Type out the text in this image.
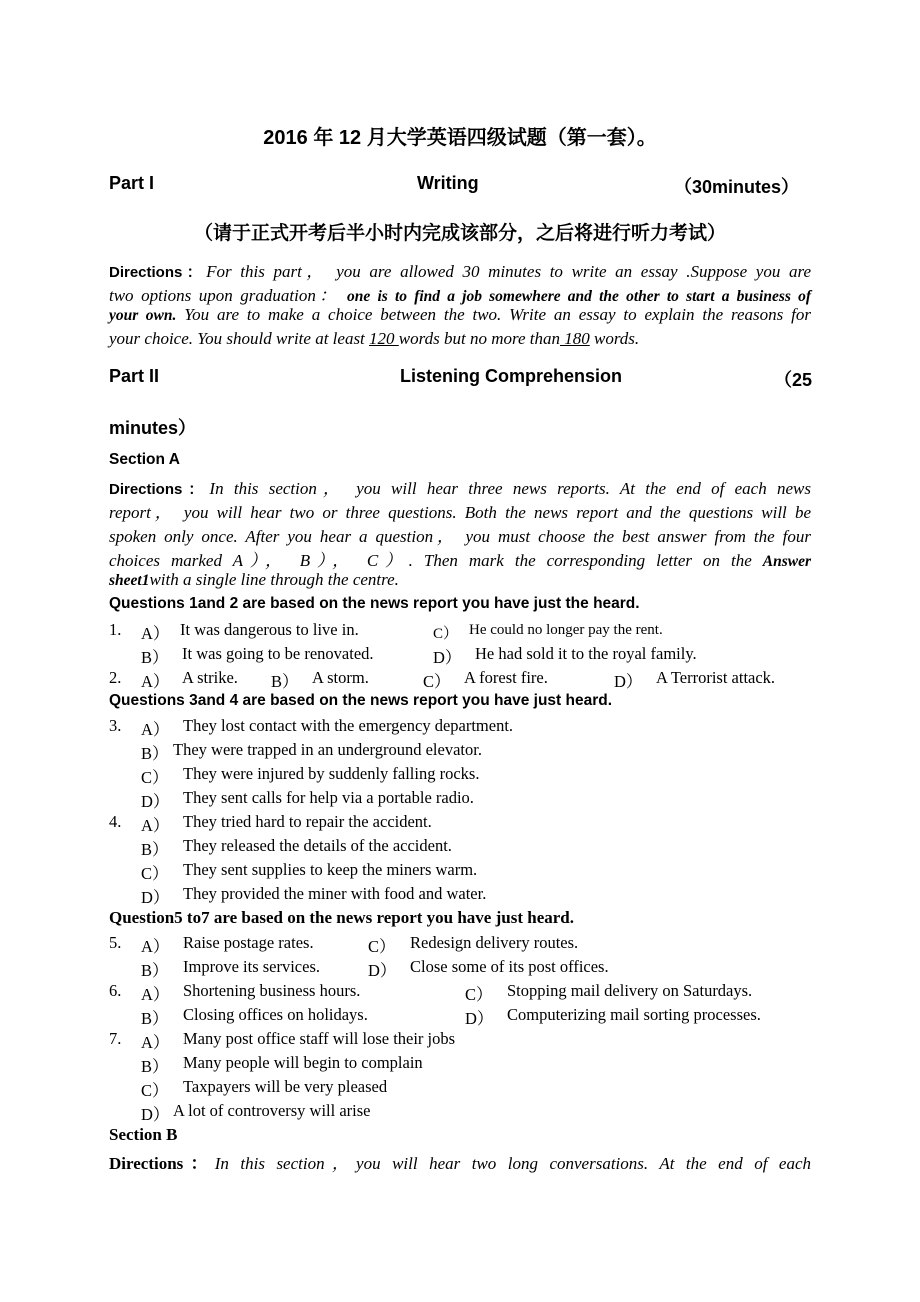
2016 年 12 月大学英语四级试题（第一套）。
Part I	Writing	（30minutes）
（请于正式开考后半小时内完成该部分，之后将进行听力考试）
Directions：For this part， you are allowed 30 minutes to write an essay .Suppose you are
two options upon graduation： one is to find a job somewhere and the other to start a business of
your own. You are to make a choice between the two. Write an essay to explain the reasons for
your choice. You should write at least 120 words but no more than 180 words.
Part II	Listening Comprehension	（25
minutes）
Section A
Directions：In this section， you will hear three news reports. At the end of each news
report， you will hear two or three questions. Both the news report and the questions will be
spoken only once. After you hear a question， you must choose the best answer from the four
choices marked A）， B）， C）. Then mark the corresponding letter on the Answer
sheet1with a single line through the centre.
Questions 1and 2 are based on the news report you have just the heard.
1. A） It was dangerous to live in.	C） He could no longer pay the rent.
B） It was going to be renovated.	D） He had sold it to the royal family.
2. A） A strike. B） A storm.	C） A forest fire.	D） A Terrorist attack.
Questions 3and 4 are based on the news report you have just heard.
3. A） They lost contact with the emergency department.
B） They were trapped in an underground elevator.
C） They were injured by suddenly falling rocks.
D） They sent calls for help via a portable radio.
4. A） They tried hard to repair the accident.
B） They released the details of the accident.
C） They sent supplies to keep the miners warm.
D） They provided the miner with food and water.
Question5 to7 are based on the news report you have just heard.
5. A） Raise postage rates.	C） Redesign delivery routes.
B） Improve its services.	D） Close some of its post offices.
6. A） Shortening business hours.	C） Stopping mail delivery on Saturdays.
B） Closing offices on holidays.	D） Computerizing mail sorting processes.
7. A） Many post office staff will lose their jobs
B） Many people will begin to complain
C） Taxpayers will be very pleased
D） A lot of controversy will arise
Section B
Directions：In this section，you will hear two long conversations. At the end of each
